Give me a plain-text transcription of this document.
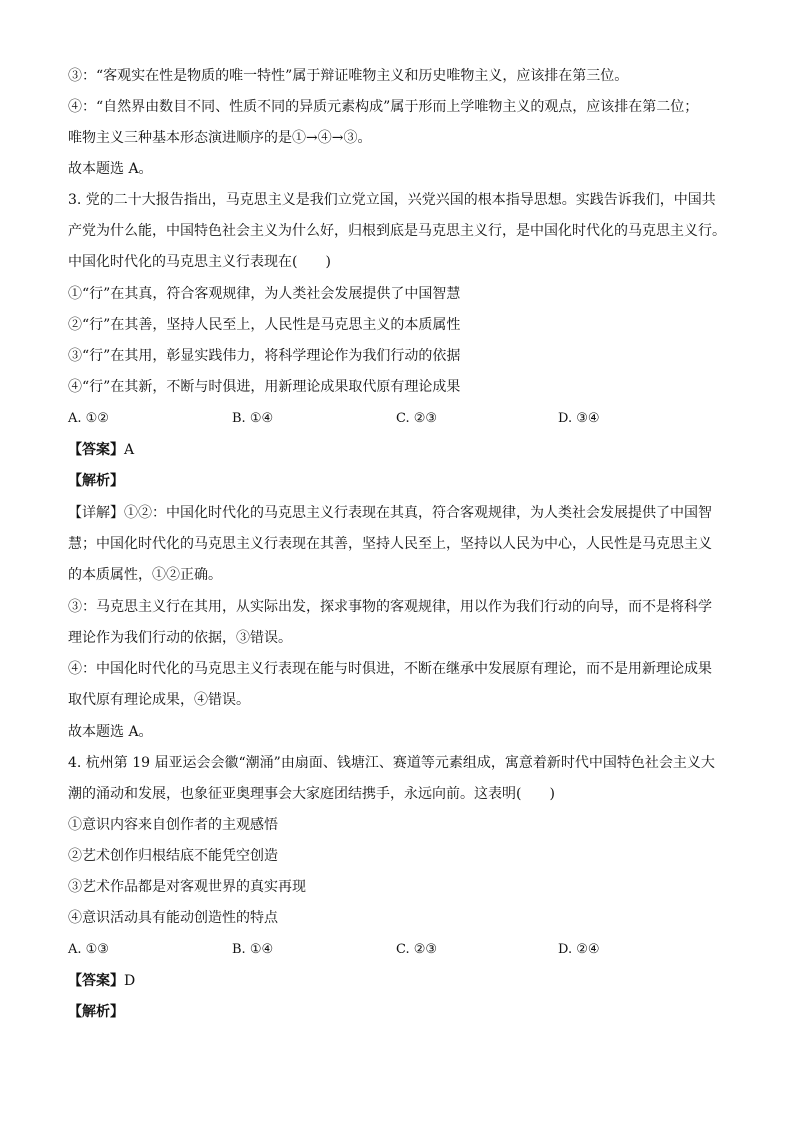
③：“客观实在性是物质的唯一特性”属于辩证唯物主义和历史唯物主义，应该排在第三位。
④：“自然界由数目不同、性质不同的异质元素构成”属于形而上学唯物主义的观点，应该排在第二位；
唯物主义三种基本形态演进顺序的是①→④→③。
故本题选 A。
3. 党的二十大报告指出，马克思主义是我们立党立国，兴党兴国的根本指导思想。实践告诉我们，中国共
产党为什么能，中国特色社会主义为什么好，归根到底是马克思主义行，是中国化时代化的马克思主义行。
中国化时代化的马克思主义行表现在(　　)
①“行”在其真，符合客观规律，为人类社会发展提供了中国智慧
②“行”在其善，坚持人民至上，人民性是马克思主义的本质属性
③“行”在其用，彰显实践伟力，将科学理论作为我们行动的依据
④“行”在其新，不断与时俱进，用新理论成果取代原有理论成果
A. ①②	B. ①④	C. ②③	D. ③④
【答案】A
【解析】
【详解】①②：中国化时代化的马克思主义行表现在其真，符合客观规律，为人类社会发展提供了中国智
慧；中国化时代化的马克思主义行表现在其善，坚持人民至上，坚持以人民为中心，人民性是马克思主义
的本质属性，①②正确。
③：马克思主义行在其用，从实际出发，探求事物的客观规律，用以作为我们行动的向导，而不是将科学
理论作为我们行动的依据，③错误。
④：中国化时代化的马克思主义行表现在能与时俱进，不断在继承中发展原有理论，而不是用新理论成果
取代原有理论成果，④错误。
故本题选 A。
4. 杭州第 19 届亚运会会徽“潮涌”由扇面、钱塘江、赛道等元素组成，寓意着新时代中国特色社会主义大
潮的涌动和发展，也象征亚奥理事会大家庭团结携手，永远向前。这表明(　　)
①意识内容来自创作者的主观感悟
②艺术创作归根结底不能凭空创造
③艺术作品都是对客观世界的真实再现
④意识活动具有能动创造性的特点
A. ①③	B. ①④	C. ②③	D. ②④
【答案】D
【解析】
